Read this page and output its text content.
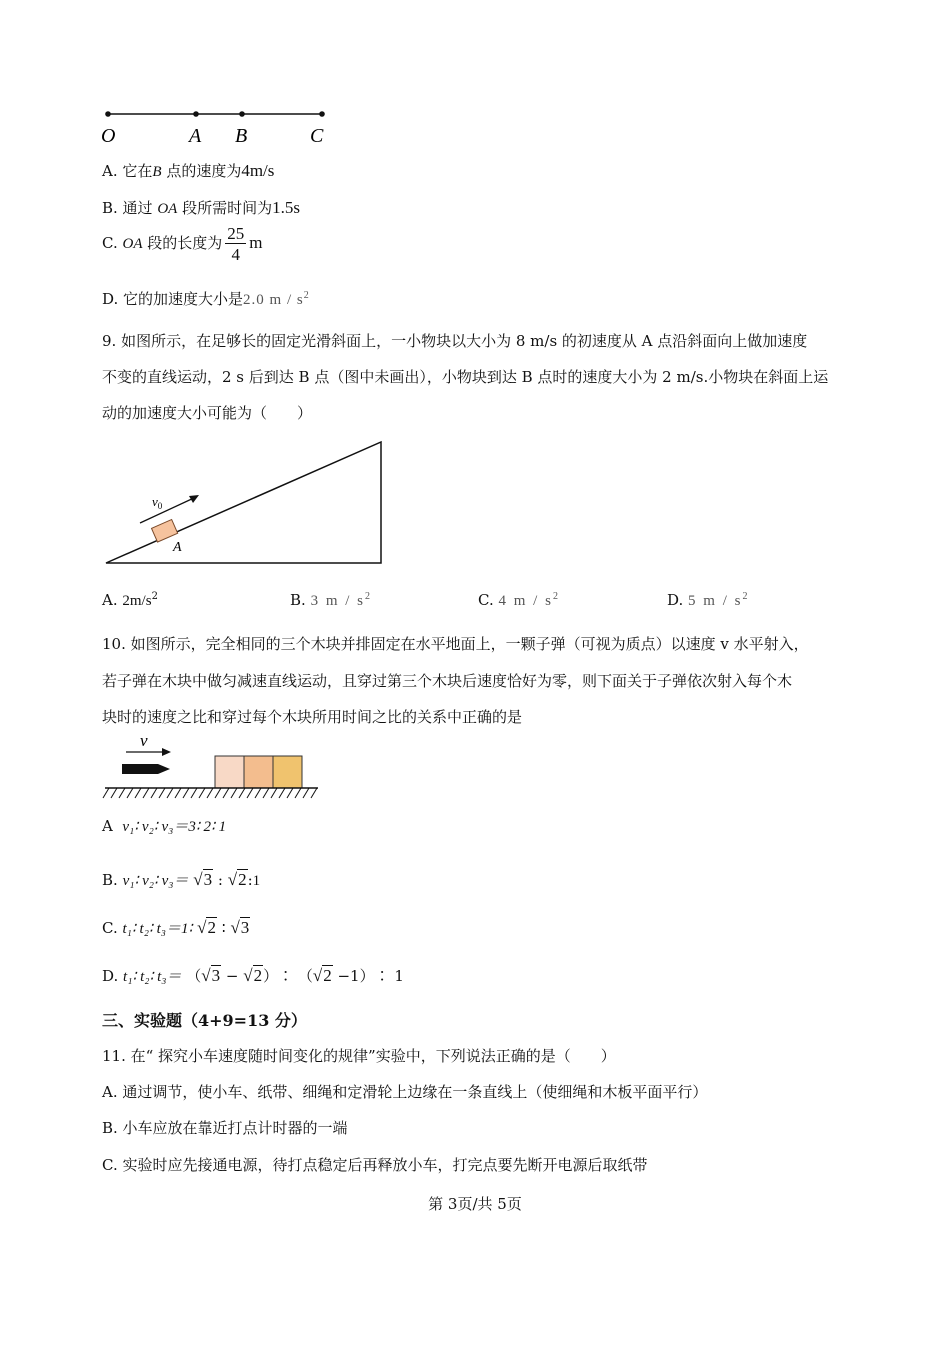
O	A B	C
A. 它在B 点的速度为4m/s
B. 通过 OA 段所需时间为1.5s
C. OA 段的长度为 $\frac{25}{4}$ m
D. 它的加速度大小是2.0 m / $s^2$
9. 如图所示，在足够长的固定光滑斜面上，一小物块以大小为 8 m/s 的初速度从 A 点沿斜面向上做加速度
不变的直线运动，2 s 后到达 B 点（图中未画出），小物块到达 B 点时的速度大小为 2 m/s.小物块在斜面上运
动的加速度大小可能为（　　）
$v_0$
A
A. $2m/s^2$	B. 3 m / $s^2$	C. 4 m / $s^2$	D. 5 m / $s^2$
10. 如图所示，完全相同的三个木块并排固定在水平地面上，一颗子弹（可视为质点）以速度 v 水平射入，
若子弹在木块中做匀减速直线运动，且穿过第三个木块后速度恰好为零，则下面关于子弹依次射入每个木
块时的速度之比和穿过每个木块所用时间之比的关系中正确的是
v
A v₁∶ v₂∶ v₃＝3∶ 2∶ 1
B. v₁∶ v₂∶ v₃＝ √3 : √2:1
C. t₁∶ t₂∶ t₃＝1∶ √2 ∶ √3
D. t₁∶ t₂∶ t₃＝ （√3 − √2）∶ （√2 −1）∶ 1
三、实验题（4+9=13 分）
11. 在“ 探究小车速度随时间变化的规律”实验中，下列说法正确的是（　　）
A. 通过调节，使小车、纸带、细绳和定滑轮上边缘在一条直线上（使细绳和木板平面平行）
B. 小车应放在靠近打点计时器的一端
C. 实验时应先接通电源，待打点稳定后再释放小车，打完点要先断开电源后取纸带
第 3页/共 5页
